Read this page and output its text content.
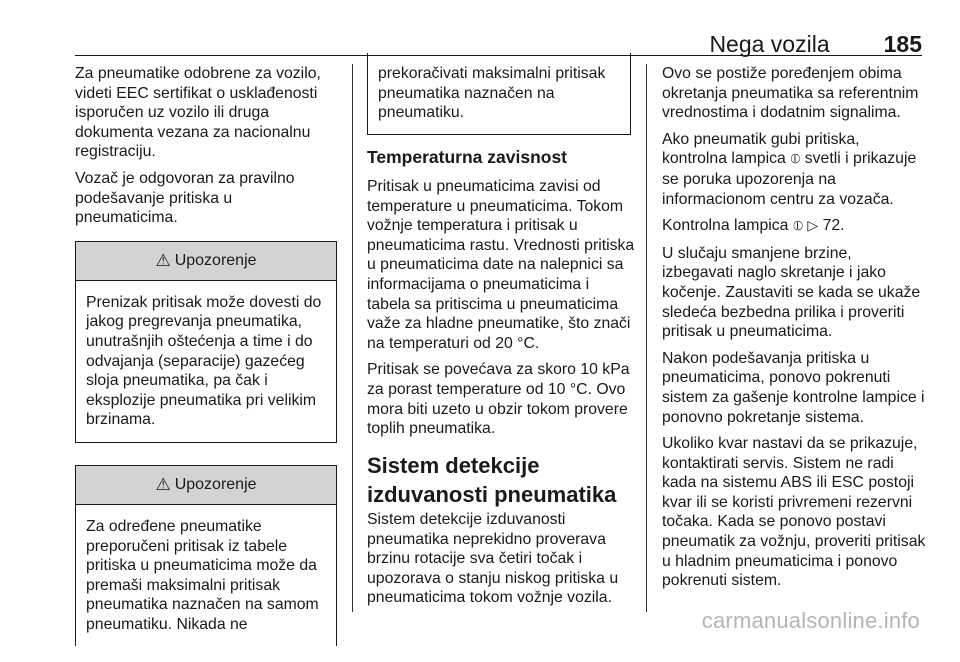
Nega vozila 185

Za pneumatike odobrene za vozilo, videti EEC sertifikat o usklađenosti isporučen uz vozilo ili druga dokumenta vezana za nacionalnu registraciju.

Vozač je odgovoran za pravilno podešavanje pritiska u pneumaticima.

⚠ Upozorenje
Prenizak pritisak može dovesti do jakog pregrevanja pneumatika, unutrašnjih oštećenja a time i do odvajanja (separacije) gazećeg sloja pneumatika, pa čak i eksplozije pneumatika pri velikim brzinama.
⚠ Upozorenje
Za određene pneumatike preporučeni pritisak iz tabele pritiska u pneumaticima može da premaši maksimalni pritisak pneumatika naznačen na samom pneumatiku. Nikada ne
prekoračivati maksimalni pritisak pneumatika naznačen na pneumatiku.
Temperaturna zavisnost

Pritisak u pneumaticima zavisi od temperature u pneumaticima. Tokom vožnje temperatura i pritisak u pneumaticima rastu. Vrednosti pritiska u pneumaticima date na nalepnici sa informacijama o pneumaticima i tabela sa pritiscima u pneumaticima važe za hladne pneumatike, što znači na temperaturi od 20 °C.

Pritisak se povećava za skoro 10 kPa za porast temperature od 10 °C. Ovo mora biti uzeto u obzir tokom provere toplih pneumatika.

Sistem detekcije izduvanosti pneumatika

Sistem detekcije izduvanosti pneumatika neprekidno proverava brzinu rotacije sva četiri točak i upozorava o stanju niskog pritiska u pneumaticima tokom vožnje vozila.

Ovo se postiže poređenjem obima okretanja pneumatika sa referentnim vrednostima i dodatnim signalima.

Ako pneumatik gubi pritiska, kontrolna lampica ⦶ svetli i prikazuje se poruka upozorenja na informacionom centru za vozača.

Kontrolna lampica ⦶ ▷ 72.

U slučaju smanjene brzine, izbegavati naglo skretanje i jako kočenje. Zaustaviti se kada se ukaže sledeća bezbedna prilika i proveriti pritisak u pneumaticima.

Nakon podešavanja pritiska u pneumaticima, ponovo pokrenuti sistem za gašenje kontrolne lampice i ponovno pokretanje sistema.

Ukoliko kvar nastavi da se prikazuje, kontaktirati servis. Sistem ne radi kada na sistemu ABS ili ESC postoji kvar ili se koristi privremeni rezervni točaka. Kada se ponovo postavi pneumatik za vožnju, proveriti pritisak u hladnim pneumaticima i ponovo pokrenuti sistem.

carmanualsonline.info
